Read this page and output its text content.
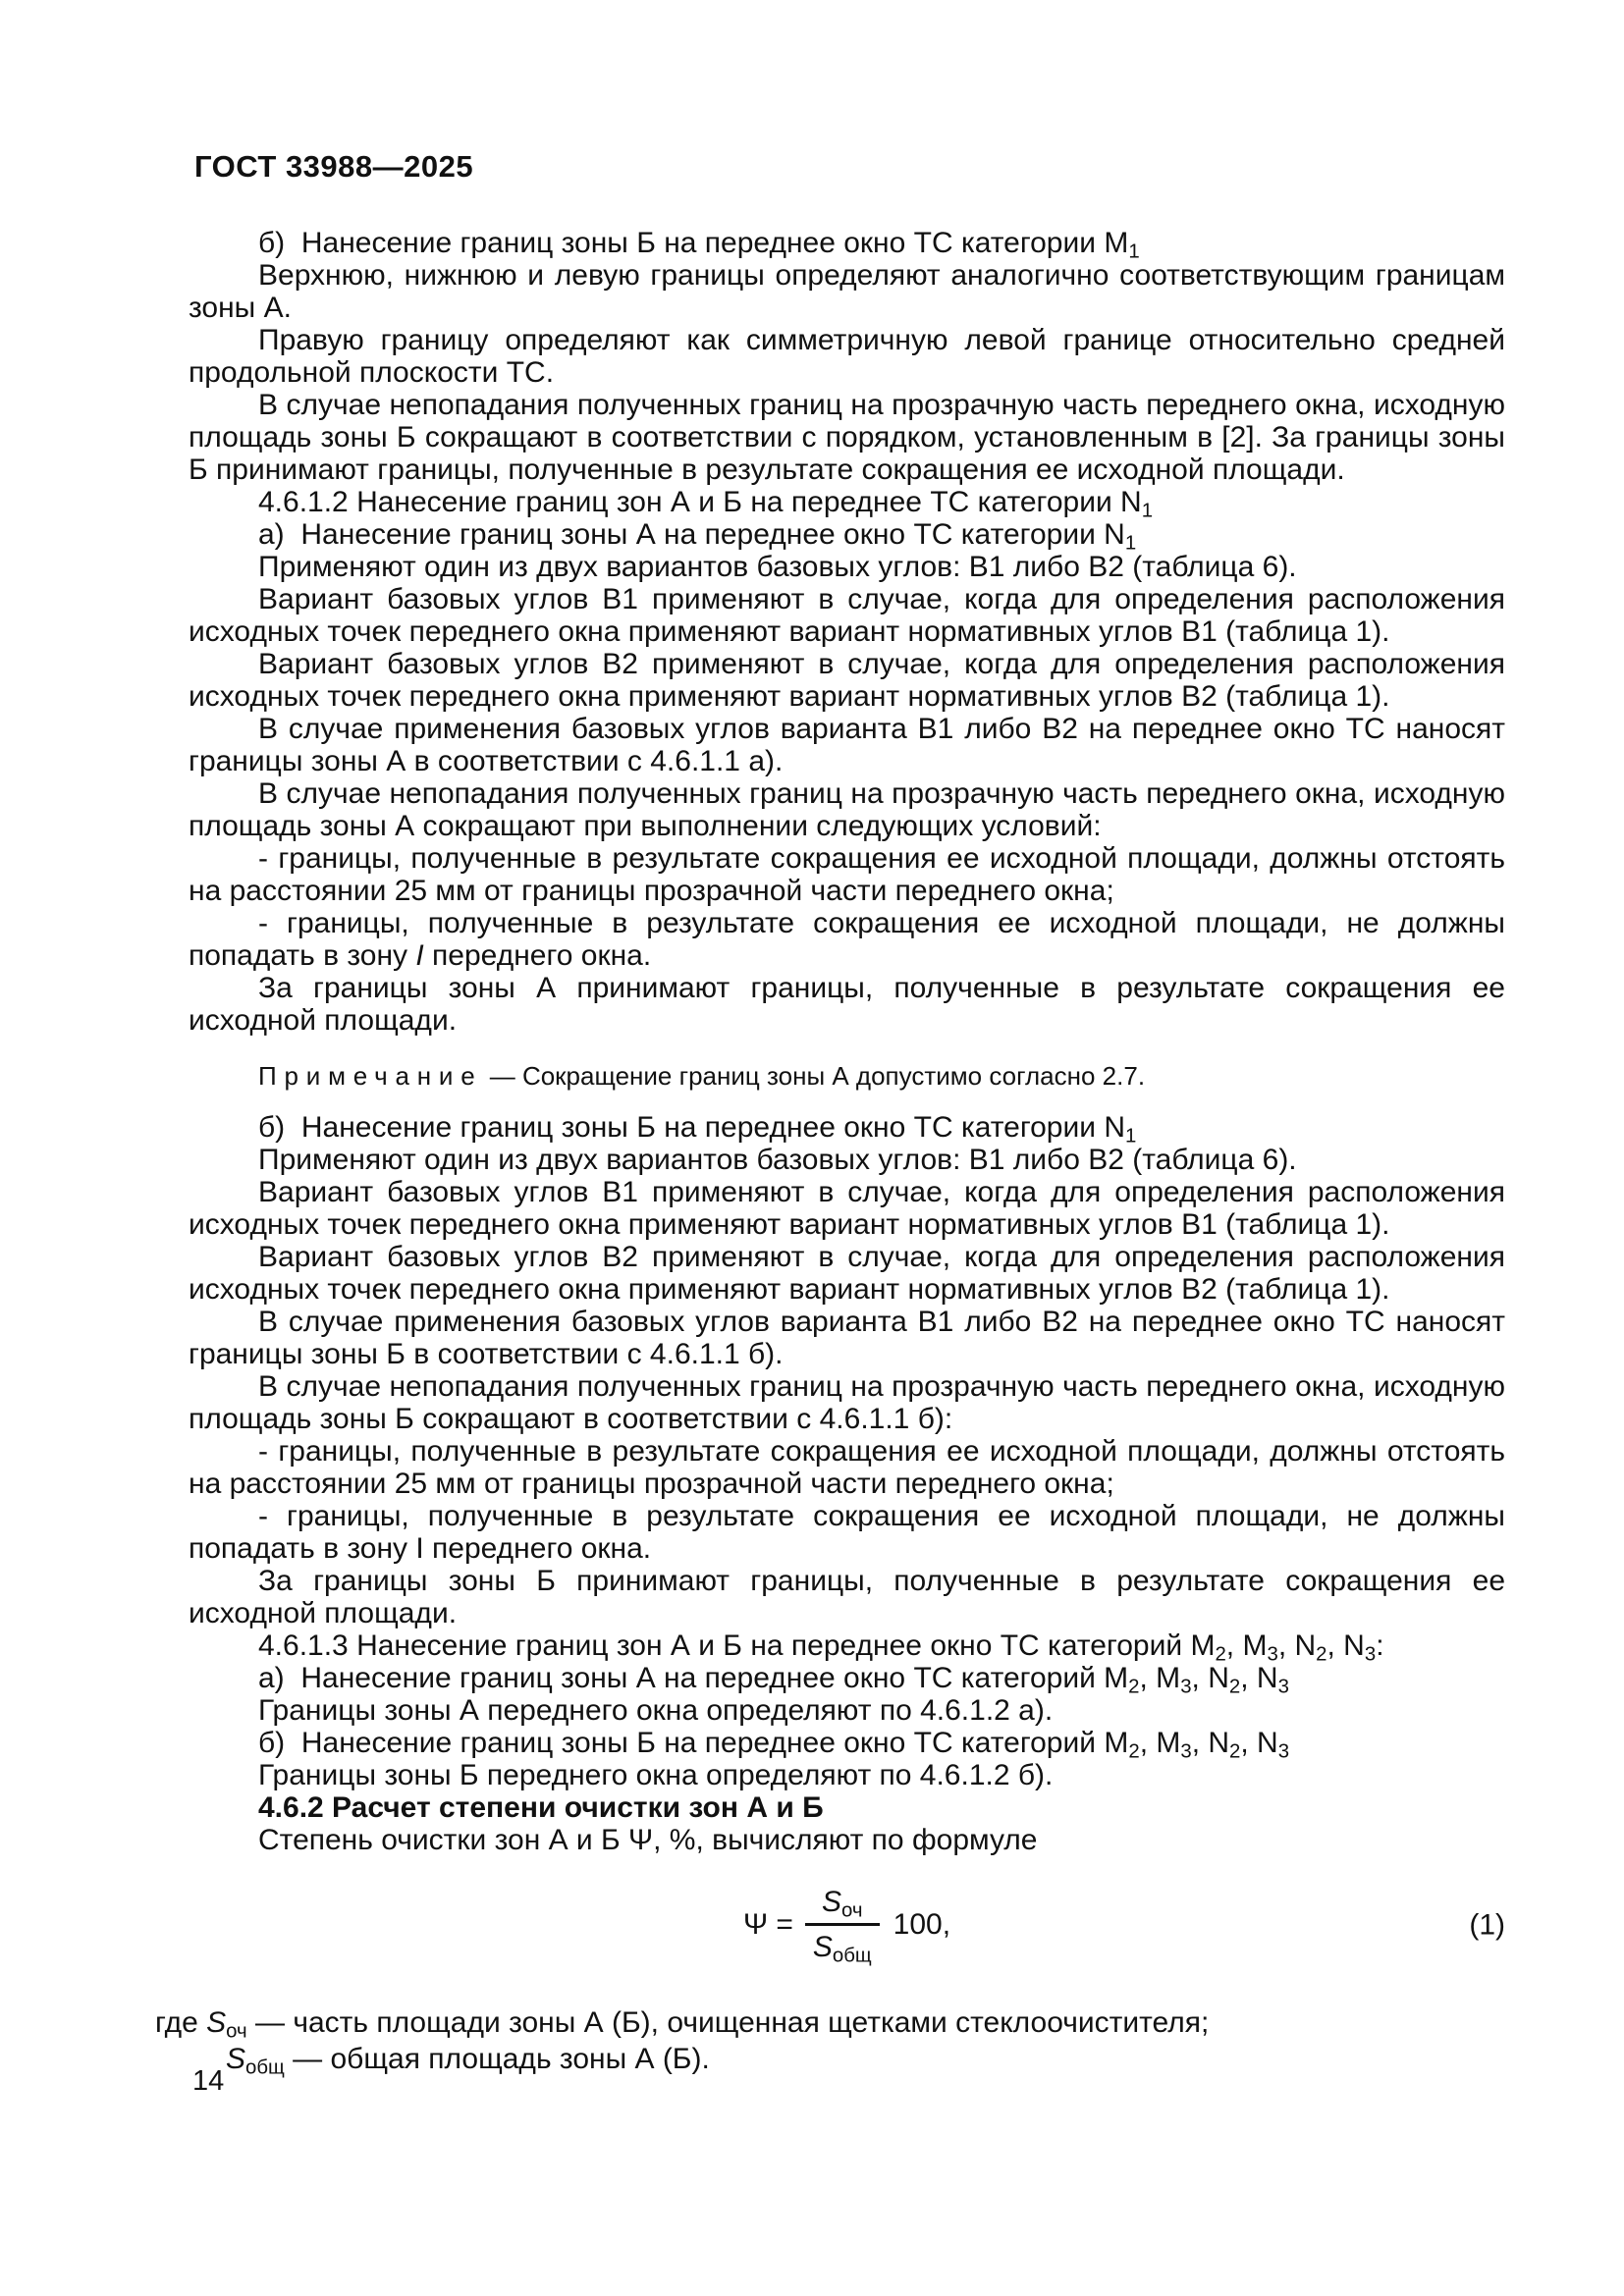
ГОСТ 33988—2025

б)  Нанесение границ зоны Б на переднее окно ТС категории $М_1$

Верхнюю, нижнюю и левую границы определяют аналогично соответствующим границам зоны А.

Правую границу определяют как симметричную левой границе относительно средней продольной плоскости ТС.

В случае непопадания полученных границ на прозрачную часть переднего окна, исходную площадь зоны Б сокращают в соответствии с порядком, установленным в [2]. За границы зоны Б принимают границы, полученные в результате сокращения ее исходной площади.

4.6.1.2 Нанесение границ зон А и Б на переднее ТС категории $N_1$

а)  Нанесение границ зоны А на переднее окно ТС категории $N_1$

Применяют один из двух вариантов базовых углов: В1 либо В2 (таблица 6).

Вариант базовых углов В1 применяют в случае, когда для определения расположения исходных точек переднего окна применяют вариант нормативных углов В1 (таблица 1).

Вариант базовых углов В2 применяют в случае, когда для определения расположения исходных точек переднего окна применяют вариант нормативных углов В2 (таблица 1).

В случае применения базовых углов варианта В1 либо В2 на переднее окно ТС наносят границы зоны А в соответствии с 4.6.1.1 а).

В случае непопадания полученных границ на прозрачную часть переднего окна, исходную площадь зоны А сокращают при выполнении следующих условий:

- границы, полученные в результате сокращения ее исходной площади, должны отстоять на расстоянии 25 мм от границы прозрачной части переднего окна;

- границы, полученные в результате сокращения ее исходной площади, не должны попадать в зону I переднего окна.

За границы зоны А принимают границы, полученные в результате сокращения ее исходной площади.

Примечание — Сокращение границ зоны А допустимо согласно 2.7.

б)  Нанесение границ зоны Б на переднее окно ТС категории $N_1$

Применяют один из двух вариантов базовых углов: В1 либо В2 (таблица 6).

Вариант базовых углов В1 применяют в случае, когда для определения расположения исходных точек переднего окна применяют вариант нормативных углов В1 (таблица 1).

Вариант базовых углов В2 применяют в случае, когда для определения расположения исходных точек переднего окна применяют вариант нормативных углов В2 (таблица 1).

В случае применения базовых углов варианта В1 либо В2 на переднее окно ТС наносят границы зоны Б в соответствии с 4.6.1.1 б).

В случае непопадания полученных границ на прозрачную часть переднего окна, исходную площадь зоны Б сокращают в соответствии с 4.6.1.1 б):

- границы, полученные в результате сокращения ее исходной площади, должны отстоять на расстоянии 25 мм от границы прозрачной части переднего окна;

- границы, полученные в результате сокращения ее исходной площади, не должны попадать в зону I переднего окна.

За границы зоны Б принимают границы, полученные в результате сокращения ее исходной площади.

4.6.1.3 Нанесение границ зон А и Б на переднее окно ТС категорий $М_2$, $М_3$, $N_2$, $N_3$:

а)  Нанесение границ зоны А на переднее окно ТС категорий $М_2$, $М_3$, $N_2$, $N_3$

Границы зоны А переднего окна определяют по 4.6.1.2 а).

б)  Нанесение границ зоны Б на переднее окно ТС категорий $М_2$, $М_3$, $N_2$, $N_3$

Границы зоны Б переднего окна определяют по 4.6.1.2 б).

4.6.2 Расчет степени очистки зон А и Б

Степень очистки зон А и Б Ψ, %, вычисляют по формуле

$\Psi = \frac{S_{оч}}{S_{общ}} 100$,	(1)
где $S_{оч}$ — часть площади зоны А (Б), очищенная щетками стеклоочистителя;
$S_{общ}$ — общая площадь зоны А (Б).
14
